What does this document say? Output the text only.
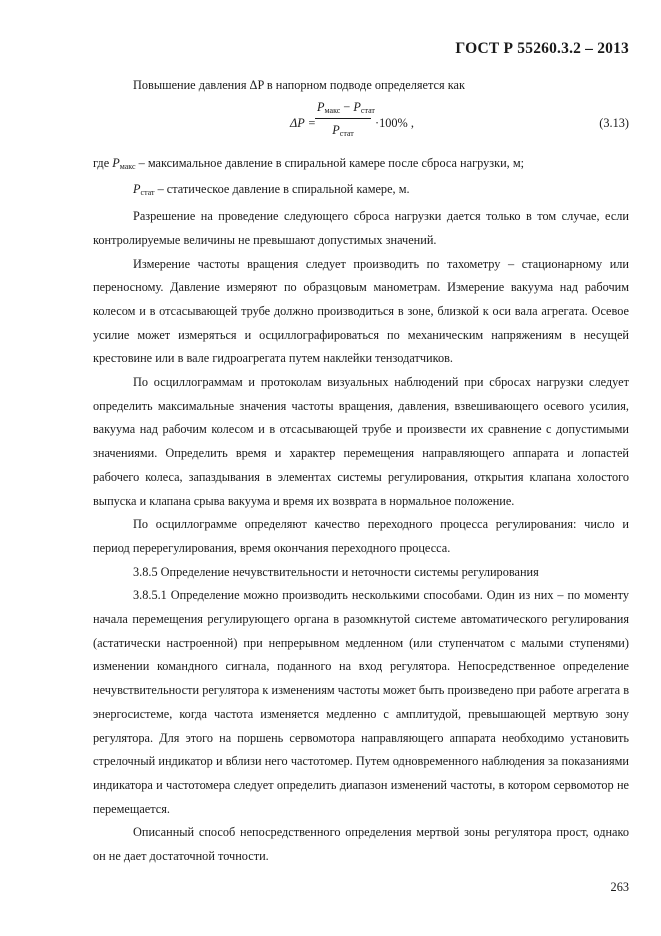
ГОСТ Р 55260.3.2 – 2013

Повышение давления ΔP в напорном подводе определяется как

ΔP =
$P_{макс} - P_{стат}$
$P_{стат}$
·100% ,	(3.13)

где $P_{макс}$ – максимальное давление в спиральной камере после сброса нагрузки, м;

$P_{стат}$ – статическое давление в спиральной камере, м.

Разрешение на проведение следующего сброса нагрузки дается только в том случае, если контролируемые величины не превышают допустимых значений.

Измерение частоты вращения следует производить по тахометру – стационарному или переносному. Давление измеряют по образцовым манометрам. Измерение вакуума над рабочим колесом и в отсасывающей трубе должно производиться в зоне, близкой к оси вала агрегата. Осевое усилие может измеряться и осциллографироваться по механическим напряжениям в несущей крестовине или в вале гидроагрегата путем наклейки тензодатчиков.

По осциллограммам и протоколам визуальных наблюдений при сбросах нагрузки следует определить максимальные значения частоты вращения, давления, взвешивающего осевого усилия, вакуума над рабочим колесом и в отсасывающей трубе и произвести их сравнение с допустимыми значениями. Определить время и характер перемещения направляющего аппарата и лопастей рабочего колеса, запаздывания в элементах системы регулирования, открытия клапана холостого выпуска и клапана срыва вакуума и время их возврата в нормальное положение.

По осциллограмме определяют качество переходного процесса регулирования: число и период перерегулирования, время окончания переходного процесса.

3.8.5 Определение нечувствительности и неточности системы регулирования

3.8.5.1 Определение можно производить несколькими способами. Один из них – по моменту начала перемещения регулирующего органа в разомкнутой системе автоматического регулирования (астатически настроенной) при непрерывном медленном (или ступенчатом с малыми ступенями) изменении командного сигнала, поданного на вход регулятора. Непосредственное определение нечувствительности регулятора к изменениям частоты может быть произведено при работе агрегата в энергосистеме, когда частота изменяется медленно с амплитудой, превышающей мертвую зону регулятора. Для этого на поршень сервомотора направляющего аппарата необходимо установить стрелочный индикатор и вблизи него частотомер. Путем одновременного наблюдения за показаниями индикатора и частотомера следует определить диапазон изменений частоты, в котором сервомотор не перемещается.

Описанный способ непосредственного определения мертвой зоны регулятора прост, однако он не дает достаточной точности.

263
